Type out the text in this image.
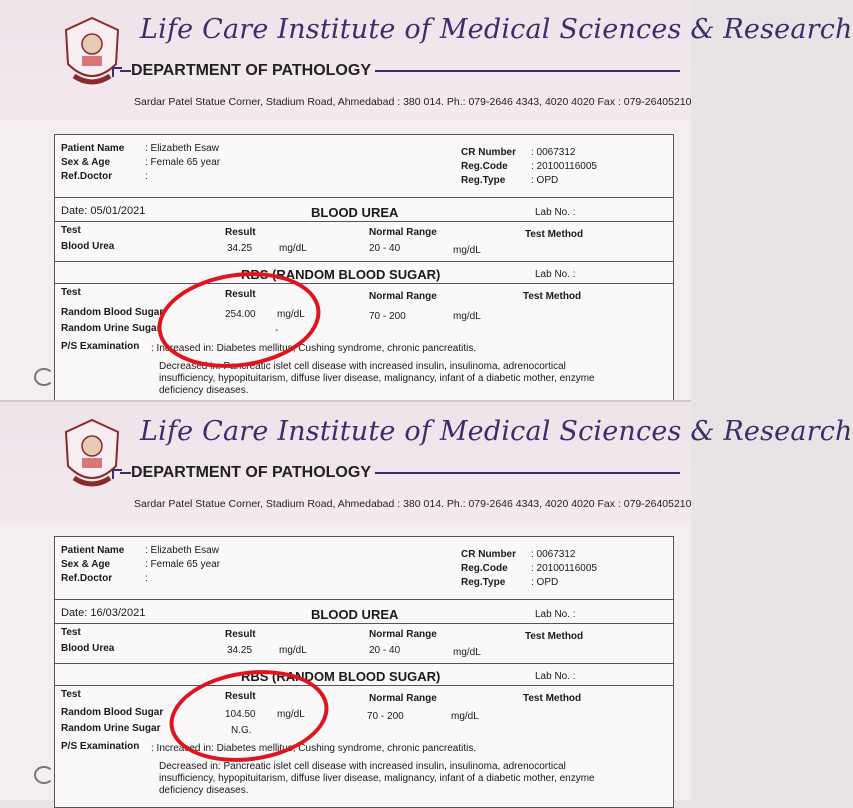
Life Care Institute of Medical Sciences & Research
DEPARTMENT OF PATHOLOGY
Sardar Patel Statue Corner, Stadium Road, Ahmedabad : 380 014. Ph.: 079-2646 4343, 4020 4020 Fax : 079-26405210
Patient Name : Elizabeth Esaw
Sex & Age	: Female 65 year
Ref.Doctor	:
CR Number : 0067312
Reg.Code : 20100116005
Reg.Type	: OPD
Date: 05/01/2021	BLOOD UREA	Lab No. :
Test	Result	Normal Range	Test Method
Blood Urea	34.25	mg/dL	20 - 40	mg/dL
RBS (RANDOM BLOOD SUGAR)	Lab No. :
Test	Result	Normal Range	Test Method
Random Blood Sugar	254.00 mg/dL	70 - 200	mg/dL
Random Urine Sugar	-
P/S Examination : Increased in: Diabetes mellitus, Cushing syndrome, chronic pancreatitis.
Decreased in: Pancreatic islet cell disease with increased insulin, insulinoma, adrenocortical insufficiency, hypopituitarism, diffuse liver disease, malignancy, infant of a diabetic mother, enzyme deficiency diseases.
Life Care Institute of Medical Sciences & Research
DEPARTMENT OF PATHOLOGY
Sardar Patel Statue Corner, Stadium Road, Ahmedabad : 380 014. Ph.: 079-2646 4343, 4020 4020 Fax : 079-26405210
Patient Name : Elizabeth Esaw
Sex & Age	: Female 65 year
Ref.Doctor	:
CR Number : 0067312
Reg.Code : 20100116005
Reg.Type	: OPD
Date: 16/03/2021	BLOOD UREA	Lab No. :
Test	Result	Normal Range	Test Method
Blood Urea	34.25	mg/dL	20 - 40	mg/dL
RBS (RANDOM BLOOD SUGAR)	Lab No. :
Test	Result	Normal Range	Test Method
Random Blood Sugar	104.50 mg/dL	70 - 200	mg/dL
Random Urine Sugar	N.G.
P/S Examination : Increased in: Diabetes mellitus, Cushing syndrome, chronic pancreatitis.
Decreased in: Pancreatic islet cell disease with increased insulin, insulinoma, adrenocortical insufficiency, hypopituitarism, diffuse liver disease, malignancy, infant of a diabetic mother, enzyme deficiency diseases.
